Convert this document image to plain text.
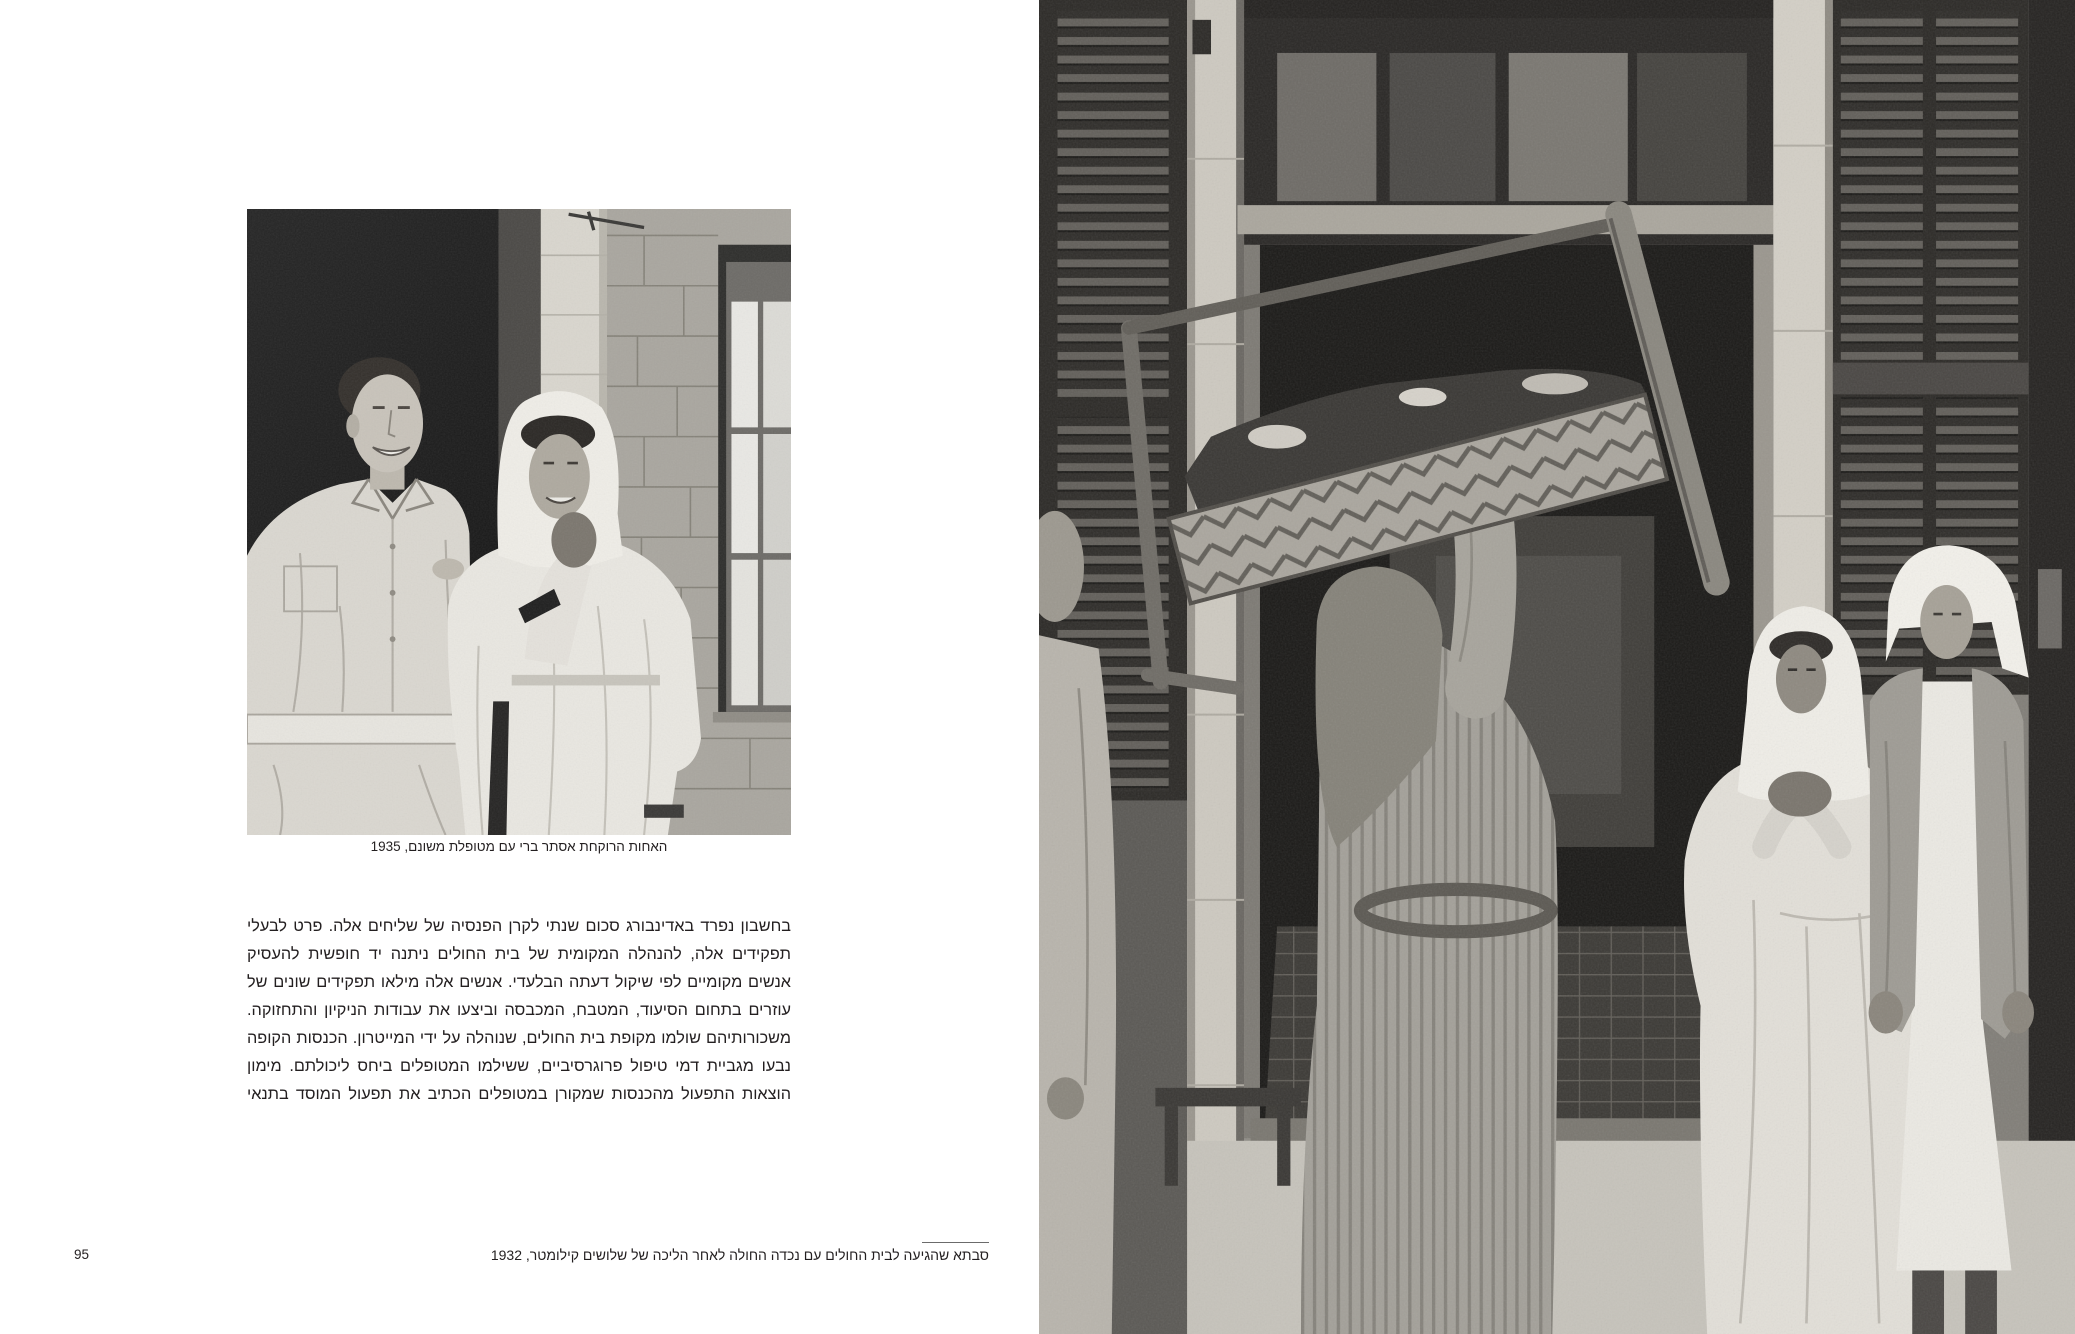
האחות הרוקחת אסתר ברי עם מטופלת משונם, 1935
בחשבון נפרד באדינבורג סכום שנתי לקרן הפנסיה של שליחים אלה. פרט לבעלי
תפקידים אלה, להנהלה המקומית של בית החולים ניתנה יד חופשית להעסיק
אנשים מקומיים לפי שיקול דעתה הבלעדי. אנשים אלה מילאו תפקידים שונים של
עוזרים בתחום הסיעוד, המטבח, המכבסה וביצעו את עבודות הניקיון והתחזוקה.
משכורותיהם שולמו מקופת בית החולים, שנוהלה על ידי המייטרון. הכנסות הקופה
נבעו מגביית דמי טיפול פרוגרסיביים, ששילמו המטופלים ביחס ליכולתם. מימון
הוצאות התפעול מהכנסות שמקורן במטופלים הכתיב את תפעול המוסד בתנאי
סבתא שהגיעה לבית החולים עם נכדה החולה לאחר הליכה של שלושים קילומטר, 1932
95
